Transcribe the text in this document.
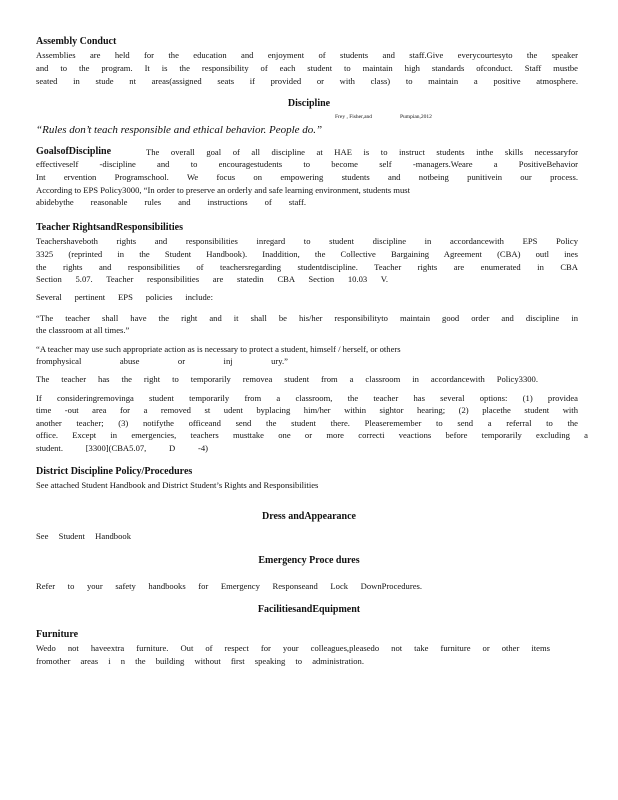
Assembly Conduct
Assemblies are held for the education and enjoyment of students and staff.Give everycourtesyto the speaker
and to the program. It is the responsibility of each student to maintain high standards ofconduct. Staff mustbe
seated in stude nt areas(assigned seats if provided or with class) to maintain a positive atmosphere.
Discipline
Frey , Fisher,and	Pumpian,2012
“Rules don’t teach responsible and ethical behavior. People do.”
GoalsofDiscipline	The overall goal of all discipline at HAE is to instruct students inthe skills necessaryfor
effectiveself -discipline and to encouragestudents to become self -managers.Weare a PositiveBehavior
Int ervention Programschool. We focus on empowering students and notbeing punitivein our process.
According to EPS Policy3000, “In order to preserve an orderly and safe learning environment, students must
abidebythe reasonable rules and instructions of staff.
Teacher RightsandResponsibilities
Teachershaveboth rights and responsibilities inregard to student discipline in accordancewith EPS Policy
3325 (reprinted in the Student Handbook). Inaddition, the Collective Bargaining Agreement (CBA) outl ines
the rights and responsibilities of teachersregarding studentdiscipline. Teacher rights are enumerated in CBA
Section 5.07. Teacher responsibilities are statedin CBA Section 10.03 V.
Several pertinent EPS policies include:
“The teacher shall have the right and it shall be his/her responsibilityto maintain good order and discipline in
the classroom at all times.”
“A teacher may use such appropriate action as is necessary to protect a student, himself / herself, or others
fromphysical abuse or inj ury.”
The teacher has the right to temporarily removea student from a classroom in accordancewith Policy3300.
If consideringremovinga student temporarily from a classroom, the teacher has several options: (1) providea
time -out area for a removed st udent byplacing him/her within sightor hearing; (2) placethe student with
another teacher; (3) notifythe officeand send the student there. Pleaseremember to send a referral to the
office. Except in emergencies, teachers musttake one or more correcti veactions before temporarily excluding a
student. [3300](CBA5.07, D -4)
District Discipline Policy/Procedures
See attached Student Handbook and District Student’s Rights and Responsibilities
Dress andAppearance
See Student Handbook
Emergency Proce dures
Refer to your safety handbooks for Emergency Responseand Lock DownProcedures.
FacilitiesandEquipment
Furniture
Wedo not haveextra furniture. Out of respect for your colleagues,pleasedo not take furniture or other items
fromother areas i n the building without first speaking to administration.
